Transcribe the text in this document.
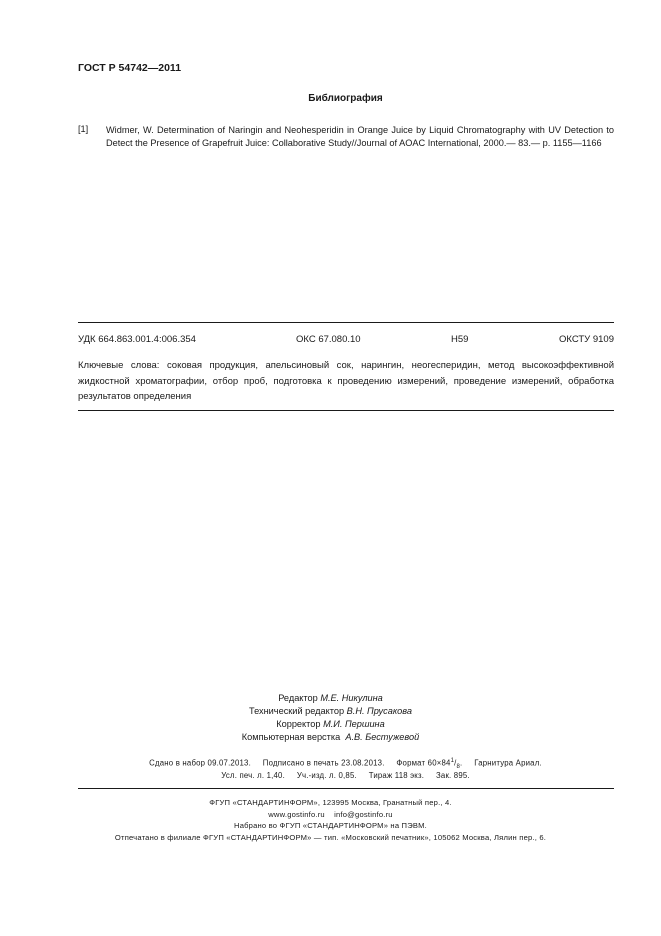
ГОСТ Р 54742—2011
Библиография
[1] Widmer, W. Determination of Naringin and Neohesperidin in Orange Juice by Liquid Chromatography with UV Detection to Detect the Presence of Grapefruit Juice: Collaborative Study//Journal of AOAC International, 2000.— 83.— p. 1155—1166
УДК 664.863.001.4:006.354	ОКС 67.080.10	Н59	ОКСТУ 9109
Ключевые слова: соковая продукция, апельсиновый сок, нарингин, неогесперидин, метод высокоэффективной жидкостной хроматографии, отбор проб, подготовка к проведению измерений, проведение измерений, обработка результатов определения
Редактор М.Е. Никулина
Технический редактор В.Н. Прусакова
Корректор М.И. Першина
Компьютерная верстка А.В. Бестужевой
Сдано в набор 09.07.2013. Подписано в печать 23.08.2013. Формат $60\times 84^1/_8$.     Гарнитура Ариал.
Усл. печ. л. 1,40. Уч.-изд. л. 0,85. Тираж 118 экз. Зак. 895.
ФГУП «СТАНДАРТИНФОРМ», 123995 Москва, Гранатный пер., 4.
www.gostinfo.ru info@gostinfo.ru
Набрано во ФГУП «СТАНДАРТИНФОРМ» на ПЭВМ.
Отпечатано в филиале ФГУП «СТАНДАРТИНФОРМ» — тип. «Московский печатник», 105062 Москва, Лялин пер., 6.
